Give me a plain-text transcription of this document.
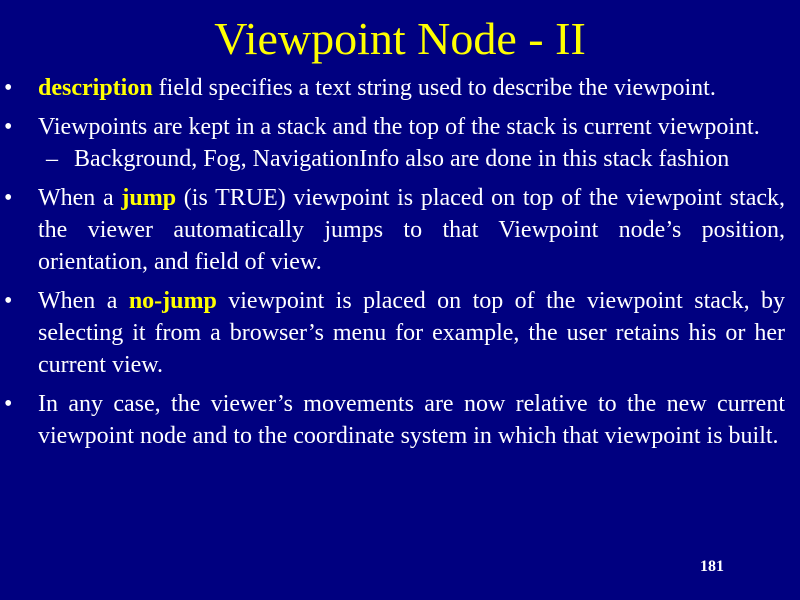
Viewpoint Node - II
•	description field specifies a text string used to describe the viewpoint.
•	Viewpoints are kept in a stack and the top of the stack is current viewpoint.
– Background, Fog, NavigationInfo also are done in this stack fashion
•	When a jump (is TRUE) viewpoint is placed on top of the viewpoint stack, the viewer automatically jumps to that Viewpoint node’s position, orientation, and field of view.
•	When a no-jump viewpoint is placed on top of the viewpoint stack, by selecting it from a browser’s menu for example, the user retains his or her current view.
•	In any case, the viewer’s movements are now relative to the new current viewpoint node and to the coordinate system in which that viewpoint is built.
181
